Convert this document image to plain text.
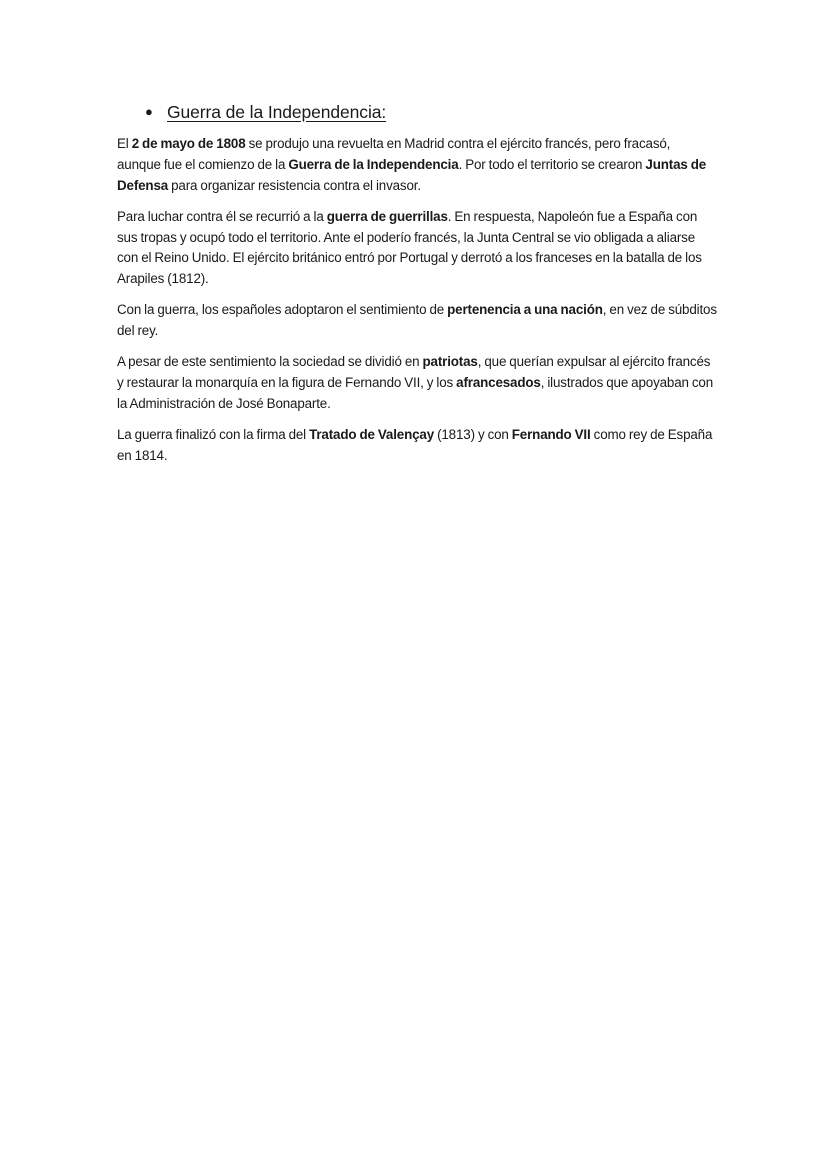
● Guerra de la Independencia:

El 2 de mayo de 1808 se produjo una revuelta en Madrid contra el ejército francés, pero fracasó, aunque fue el comienzo de la Guerra de la Independencia. Por todo el territorio se crearon Juntas de Defensa para organizar resistencia contra el invasor.

Para luchar contra él se recurrió a la guerra de guerrillas. En respuesta, Napoleón fue a España con sus tropas y ocupó todo el territorio. Ante el poderío francés, la Junta Central se vio obligada a aliarse con el Reino Unido. El ejército británico entró por Portugal y derrotó a los franceses en la batalla de los Arapiles (1812).

Con la guerra, los españoles adoptaron el sentimiento de pertenencia a una nación, en vez de súbditos del rey.

A pesar de este sentimiento la sociedad se dividió en patriotas, que querían expulsar al ejército francés y restaurar la monarquía en la figura de Fernando VII, y los afrancesados, ilustrados que apoyaban con la Administración de José Bonaparte.

La guerra finalizó con la firma del Tratado de Valençay (1813) y con Fernando VII como rey de España en 1814.
